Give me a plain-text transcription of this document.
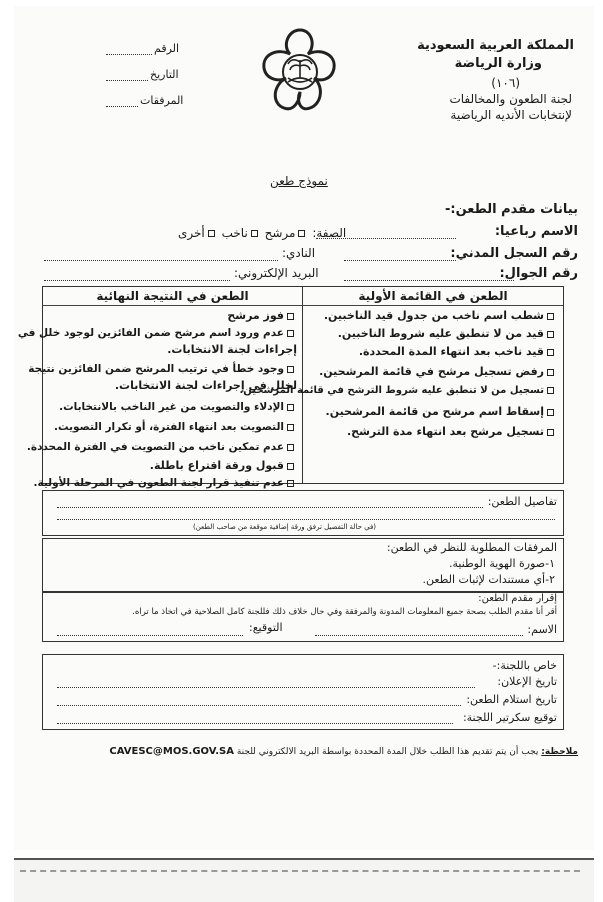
المملكة العربية السعودية
وزارة الرياضة
(١٠٦)
لجنة الطعون والمخالفات
لإنتخابات الأنديه الرياضية
الرقم
التاريخ
المرفقات
نموذج طعن
بيانات مقدم الطعن:-
الاسم رباعيا:
الصفة: مرشح ناخب أخرى
رقم السجل المدني:
النادي:
رقم الجوال:
البريد الإلكتروني:
الطعن في القائمة الأولية
الطعن في النتيجة النهائية
شطب اسم ناخب من جدول قيد الناخبين.
قيد من لا تنطبق عليه شروط الناخبين.
قيد ناخب بعد انتهاء المدة المحددة.
رفض تسجيل مرشح في قائمة المرشحين.
تسجيل من لا تنطبق عليه شروط الترشح في قائمة المرشحين.
إسقاط اسم مرشح من قائمة المرشحين.
تسجيل مرشح بعد انتهاء مدة الترشح.
فوز مرشح
عدم ورود اسم مرشح ضمن الفائزين لوجود خلل في
إجراءات لجنة الانتخابات.
وجود خطأ في ترتيب المرشح ضمن الفائزين نتيجة
لخلل في إجراءات لجنة الانتخابات.
الإدلاء والتصويت من غير الناخب بالانتخابات.
التصويت بعد انتهاء الفترة، أو تكرار التصويت.
عدم تمكين ناخب من التصويت في الفترة المحددة.
قبول ورقة اقتراع باطلة.
عدم تنفيذ قرار لجنة الطعون في المرحلة الأولية.
تفاصيل الطعن:
(في حالة التفصيل ترفق ورقة إضافية موقعة من صاحب الطعن)
المرفقات المطلوبة للنظر في الطعن:
١-صورة الهوية الوطنية.
٢-أي مستندات لإثبات الطعن.
إقرار مقدم الطعن:
أقر أنا مقدم الطلب بصحة جميع المعلومات المدونة والمرفقة وفي حال خلاف ذلك فللجنة كامل الصلاحية في اتخاذ ما تراه.
الاسم:
التوقيع:
خاص باللجنة:-
تاريخ الإعلان:
تاريخ استلام الطعن:
توقيع سكرتير اللجنة:
ملاحظة: يجب أن يتم تقديم هذا الطلب خلال المدة المحددة بواسطة البريد الالكتروني للجنة CAVESC@MOS.GOV.SA
